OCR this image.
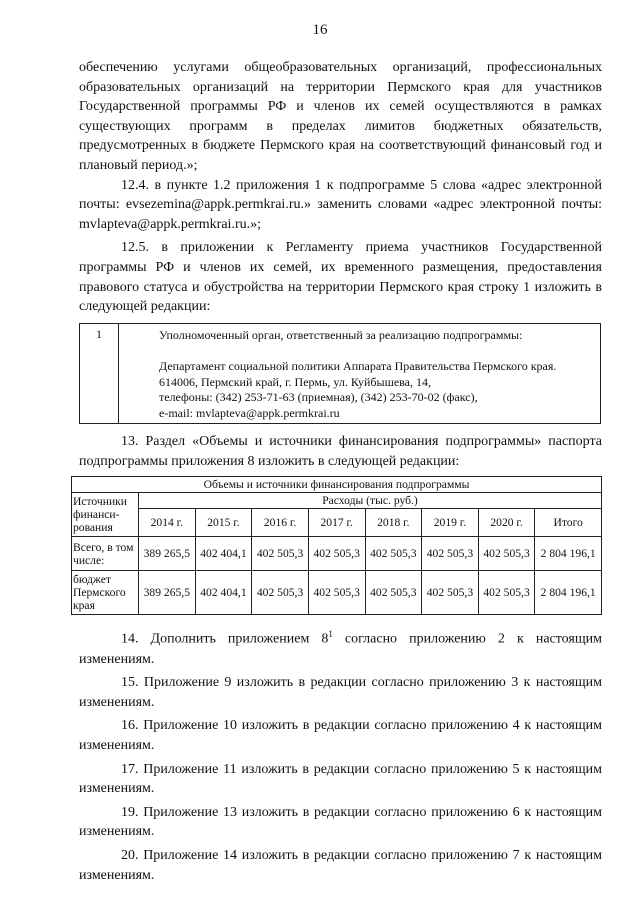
16

обеспечению услугами общеобразовательных организаций, профессиональных образовательных организаций на территории Пермского края для участников Государственной программы РФ и членов их семей осуществляются в рамках существующих программ в пределах лимитов бюджетных обязательств, предусмотренных в бюджете Пермского края на соответствующий финансовый год и плановый период.»;

12.4. в пункте 1.2 приложения 1 к подпрограмме 5 слова «адрес электронной почты: evsezemina@appk.permkrai.ru.» заменить словами «адрес электронной почты: mvlapteva@appk.permkrai.ru.»;

12.5. в приложении к Регламенту приема участников Государственной программы РФ и членов их семей, их временного размещения, предоставления правового статуса и обустройства на территории Пермского края строку 1 изложить в следующей редакции:

1	Уполномоченный орган, ответственный за реализацию подпрограммы:
Департамент социальной политики Аппарата Правительства Пермского края.
614006, Пермский край, г. Пермь, ул. Куйбышева, 14,
телефоны: (342) 253-71-63 (приемная), (342) 253-70-02 (факс),
e-mail: mvlapteva@appk.permkrai.ru

13. Раздел «Объемы и источники финансирования подпрограммы» паспорта подпрограммы приложения 8 изложить в следующей редакции:

Объемы и источники финансирования подпрограммы								
Источники финанси-рования	Расходы (тыс. руб.)							
	2014 г.	2015 г.	2016 г.	2017 г.	2018 г.	2019 г.	2020 г.	Итого
Всего, в том числе:	389 265,5	402 404,1	402 505,3	402 505,3	402 505,3	402 505,3	402 505,3	2 804 196,1
бюджет Пермского края	389 265,5	402 404,1	402 505,3	402 505,3	402 505,3	402 505,3	402 505,3	2 804 196,1

14. Дополнить приложением $8^1$ согласно приложению 2 к настоящим изменениям.

15. Приложение 9 изложить в редакции согласно приложению 3 к настоящим изменениям.

16. Приложение 10 изложить в редакции согласно приложению 4 к настоящим изменениям.

17. Приложение 11 изложить в редакции согласно приложению 5 к настоящим изменениям.

19. Приложение 13 изложить в редакции согласно приложению 6 к настоящим изменениям.

20. Приложение 14 изложить в редакции согласно приложению 7 к настоящим изменениям.
